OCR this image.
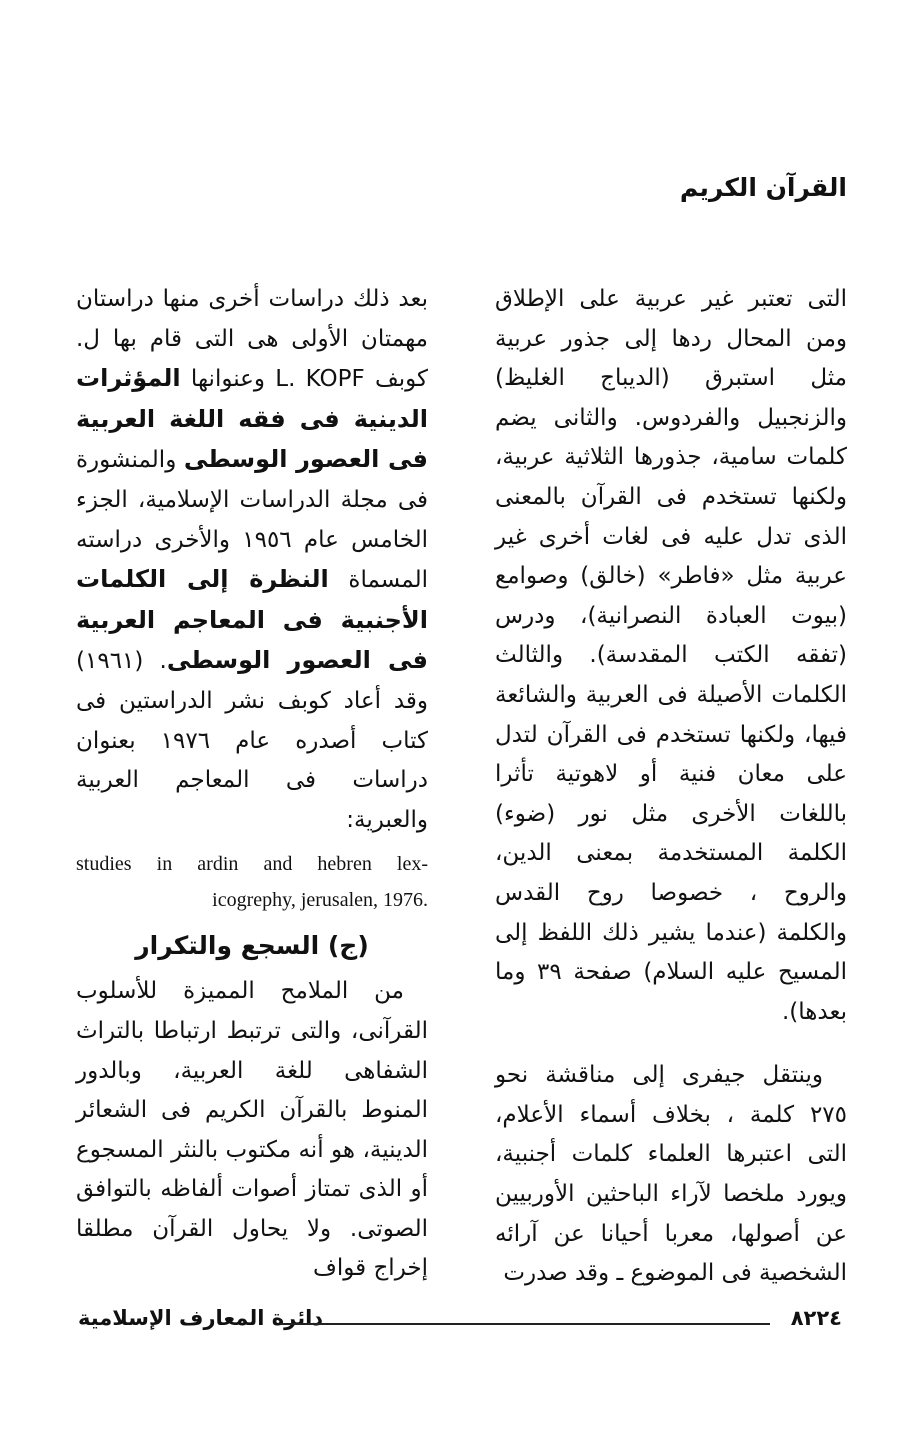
القرآن الكريم

التى تعتبر غير عربية على الإطلاق ومن المحال ردها إلى جذور عربية مثل استبرق (الديباج الغليظ) والزنجبيل والفردوس. والثانى يضم كلمات سامية، جذورها الثلاثية عربية، ولكنها تستخدم فى القرآن بالمعنى الذى تدل عليه فى لغات أخرى غير عربية مثل «فاطر» (خالق) وصوامع (بيوت العبادة النصرانية)، ودرس (تفقه الكتب المقدسة). والثالث الكلمات الأصيلة فى العربية والشائعة فيها، ولكنها تستخدم فى القرآن لتدل على معان فنية أو لاهوتية تأثرا باللغات الأخرى مثل نور (ضوء) الكلمة المستخدمة بمعنى الدين، والروح ، خصوصا روح القدس والكلمة (عندما يشير ذلك اللفظ إلى المسيح عليه السلام) صفحة ٣٩ وما بعدها).

وينتقل جيفرى إلى مناقشة نحو ٢٧٥ كلمة ، بخلاف أسماء الأعلام، التى اعتبرها العلماء كلمات أجنبية، ويورد ملخصا لآراء الباحثين الأوربيين عن أصولها، معربا أحيانا عن آرائه الشخصية فى الموضوع ـ وقد صدرت

بعد ذلك دراسات أخرى منها دراستان مهمتان الأولى هى التى قام بها ل. كوبف L. KOPF وعنوانها المؤثرات الدينية فى فقه اللغة العربية فى العصور الوسطى والمنشورة فى مجلة الدراسات الإسلامية، الجزء الخامس عام ١٩٥٦ والأخرى دراسته المسماة النظرة إلى الكلمات الأجنبية فى المعاجم العربية فى العصور الوسطى. (١٩٦١) وقد أعاد كوبف نشر الدراستين فى كتاب أصدره عام ١٩٧٦ بعنوان دراسات فى المعاجم العربية والعبرية:

studies in ardin and hebren lex-
icogrephy, jerusalen, 1976.
(ج) السجع والتكرار

من الملامح المميزة للأسلوب القرآنى، والتى ترتبط ارتباطا بالتراث الشفاهى للغة العربية، وبالدور المنوط بالقرآن الكريم فى الشعائر الدينية، هو أنه مكتوب بالنثر المسجوع أو الذى تمتاز أصوات ألفاظه بالتوافق الصوتى. ولا يحاول القرآن مطلقا إخراج قواف

دائرة المعارف الإسلامية	٨٢٢٤
